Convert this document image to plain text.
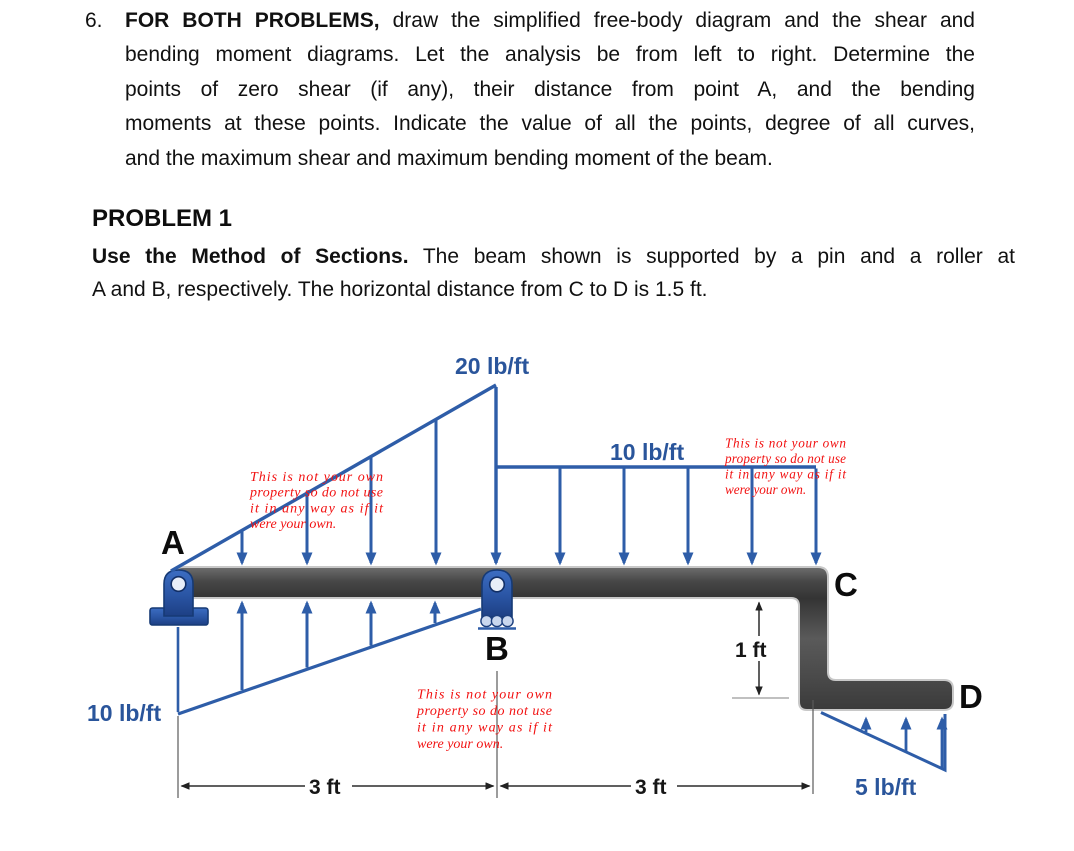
6. FOR BOTH PROBLEMS, draw the simplified free-body diagram and the shear and
bending moment diagrams. Let the analysis be from left to right. Determine the
points of zero shear (if any), their distance from point A, and the bending
moments at these points. Indicate the value of all the points, degree of all curves,
and the maximum shear and maximum bending moment of the beam.
PROBLEM 1
Use the Method of Sections. The beam shown is supported by a pin and a roller at
A and B, respectively. The horizontal distance from C to D is 1.5 ft.
20 lb/ft
10 lb/ft
10 lb/ft
5 lb/ft
A
B
C
D
3 ft	3 ft
1 ft
This is not your own
property so do not use
it in any way as if it
were your own.
This is not your own
property so do not use
it in any way as if it
were your own.
This is not your own
property so do not use
it in any way as if it
were your own.
